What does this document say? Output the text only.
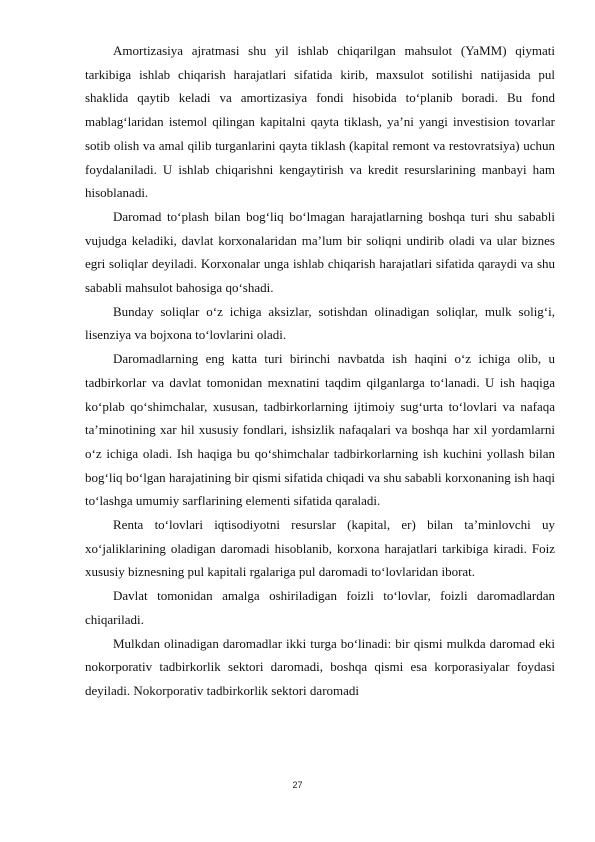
Amortizasiya ajratmasi shu yil ishlab chiqarilgan mahsulot (YaMM) qiymati tarkibiga ishlab chiqarish harajatlari sifatida kirib, maxsulot sotilishi natijasida pul shaklida qaytib keladi va amortizasiya fondi hisobida to‘planib boradi. Bu fond mablag‘laridan istemol qilingan kapitalni qayta tiklash, ya’ni yangi investision tovarlar sotib olish va amal qilib turganlarini qayta tiklash (kapital remont va restovratsiya) uchun foydalaniladi. U ishlab chiqarishni kengaytirish va kredit resurslarining manbayi ham hisoblanadi.

Daromad to‘plash bilan bog‘liq bo‘lmagan harajatlarning boshqa turi shu sababli vujudga keladiki, davlat korxonalaridan ma’lum bir soliqni undirib oladi va ular biznes egri soliqlar deyiladi. Korxonalar unga ishlab chiqarish harajatlari sifatida qaraydi va shu sababli mahsulot bahosiga qo‘shadi.

Bunday soliqlar o‘z ichiga aksizlar, sotishdan olinadigan soliqlar, mulk solig‘i, lisenziya va bojxona to‘lovlarini oladi.

Daromadlarning eng katta turi birinchi navbatda ish haqini o‘z ichiga olib, u tadbirkorlar va davlat tomonidan mexnatini taqdim qilganlarga to‘lanadi. U ish haqiga ko‘plab qo‘shimchalar, xususan, tadbirkorlarning ijtimoiy sug‘urta to‘lovlari va nafaqa ta’minotining xar hil xususiy fondlari, ishsizlik nafaqalari va boshqa har xil yordamlarni o‘z ichiga oladi. Ish haqiga bu qo‘shimchalar tadbirkorlarning ish kuchini yollash bilan bog‘liq bo‘lgan harajatining bir qismi sifatida chiqadi va shu sababli korxonaning ish haqi to‘lashga umumiy sarflarining elementi sifatida qaraladi.

Renta to‘lovlari iqtisodiyotni resurslar (kapital, er) bilan ta’minlovchi uy xo‘jaliklarining oladigan daromadi hisoblanib, korxona harajatlari tarkibiga kiradi. Foiz xususiy biznesning pul kapitali rgalariga pul daromadi to‘lovlaridan iborat.

Davlat tomonidan amalga oshiriladigan foizli to‘lovlar, foizli daromadlardan chiqariladi.

Mulkdan olinadigan daromadlar ikki turga bo‘linadi: bir qismi mulkda daromad eki nokorporativ tadbirkorlik sektori daromadi, boshqa qismi esa korporasiyalar foydasi deyiladi. Nokorporativ tadbirkorlik sektori daromadi

27
